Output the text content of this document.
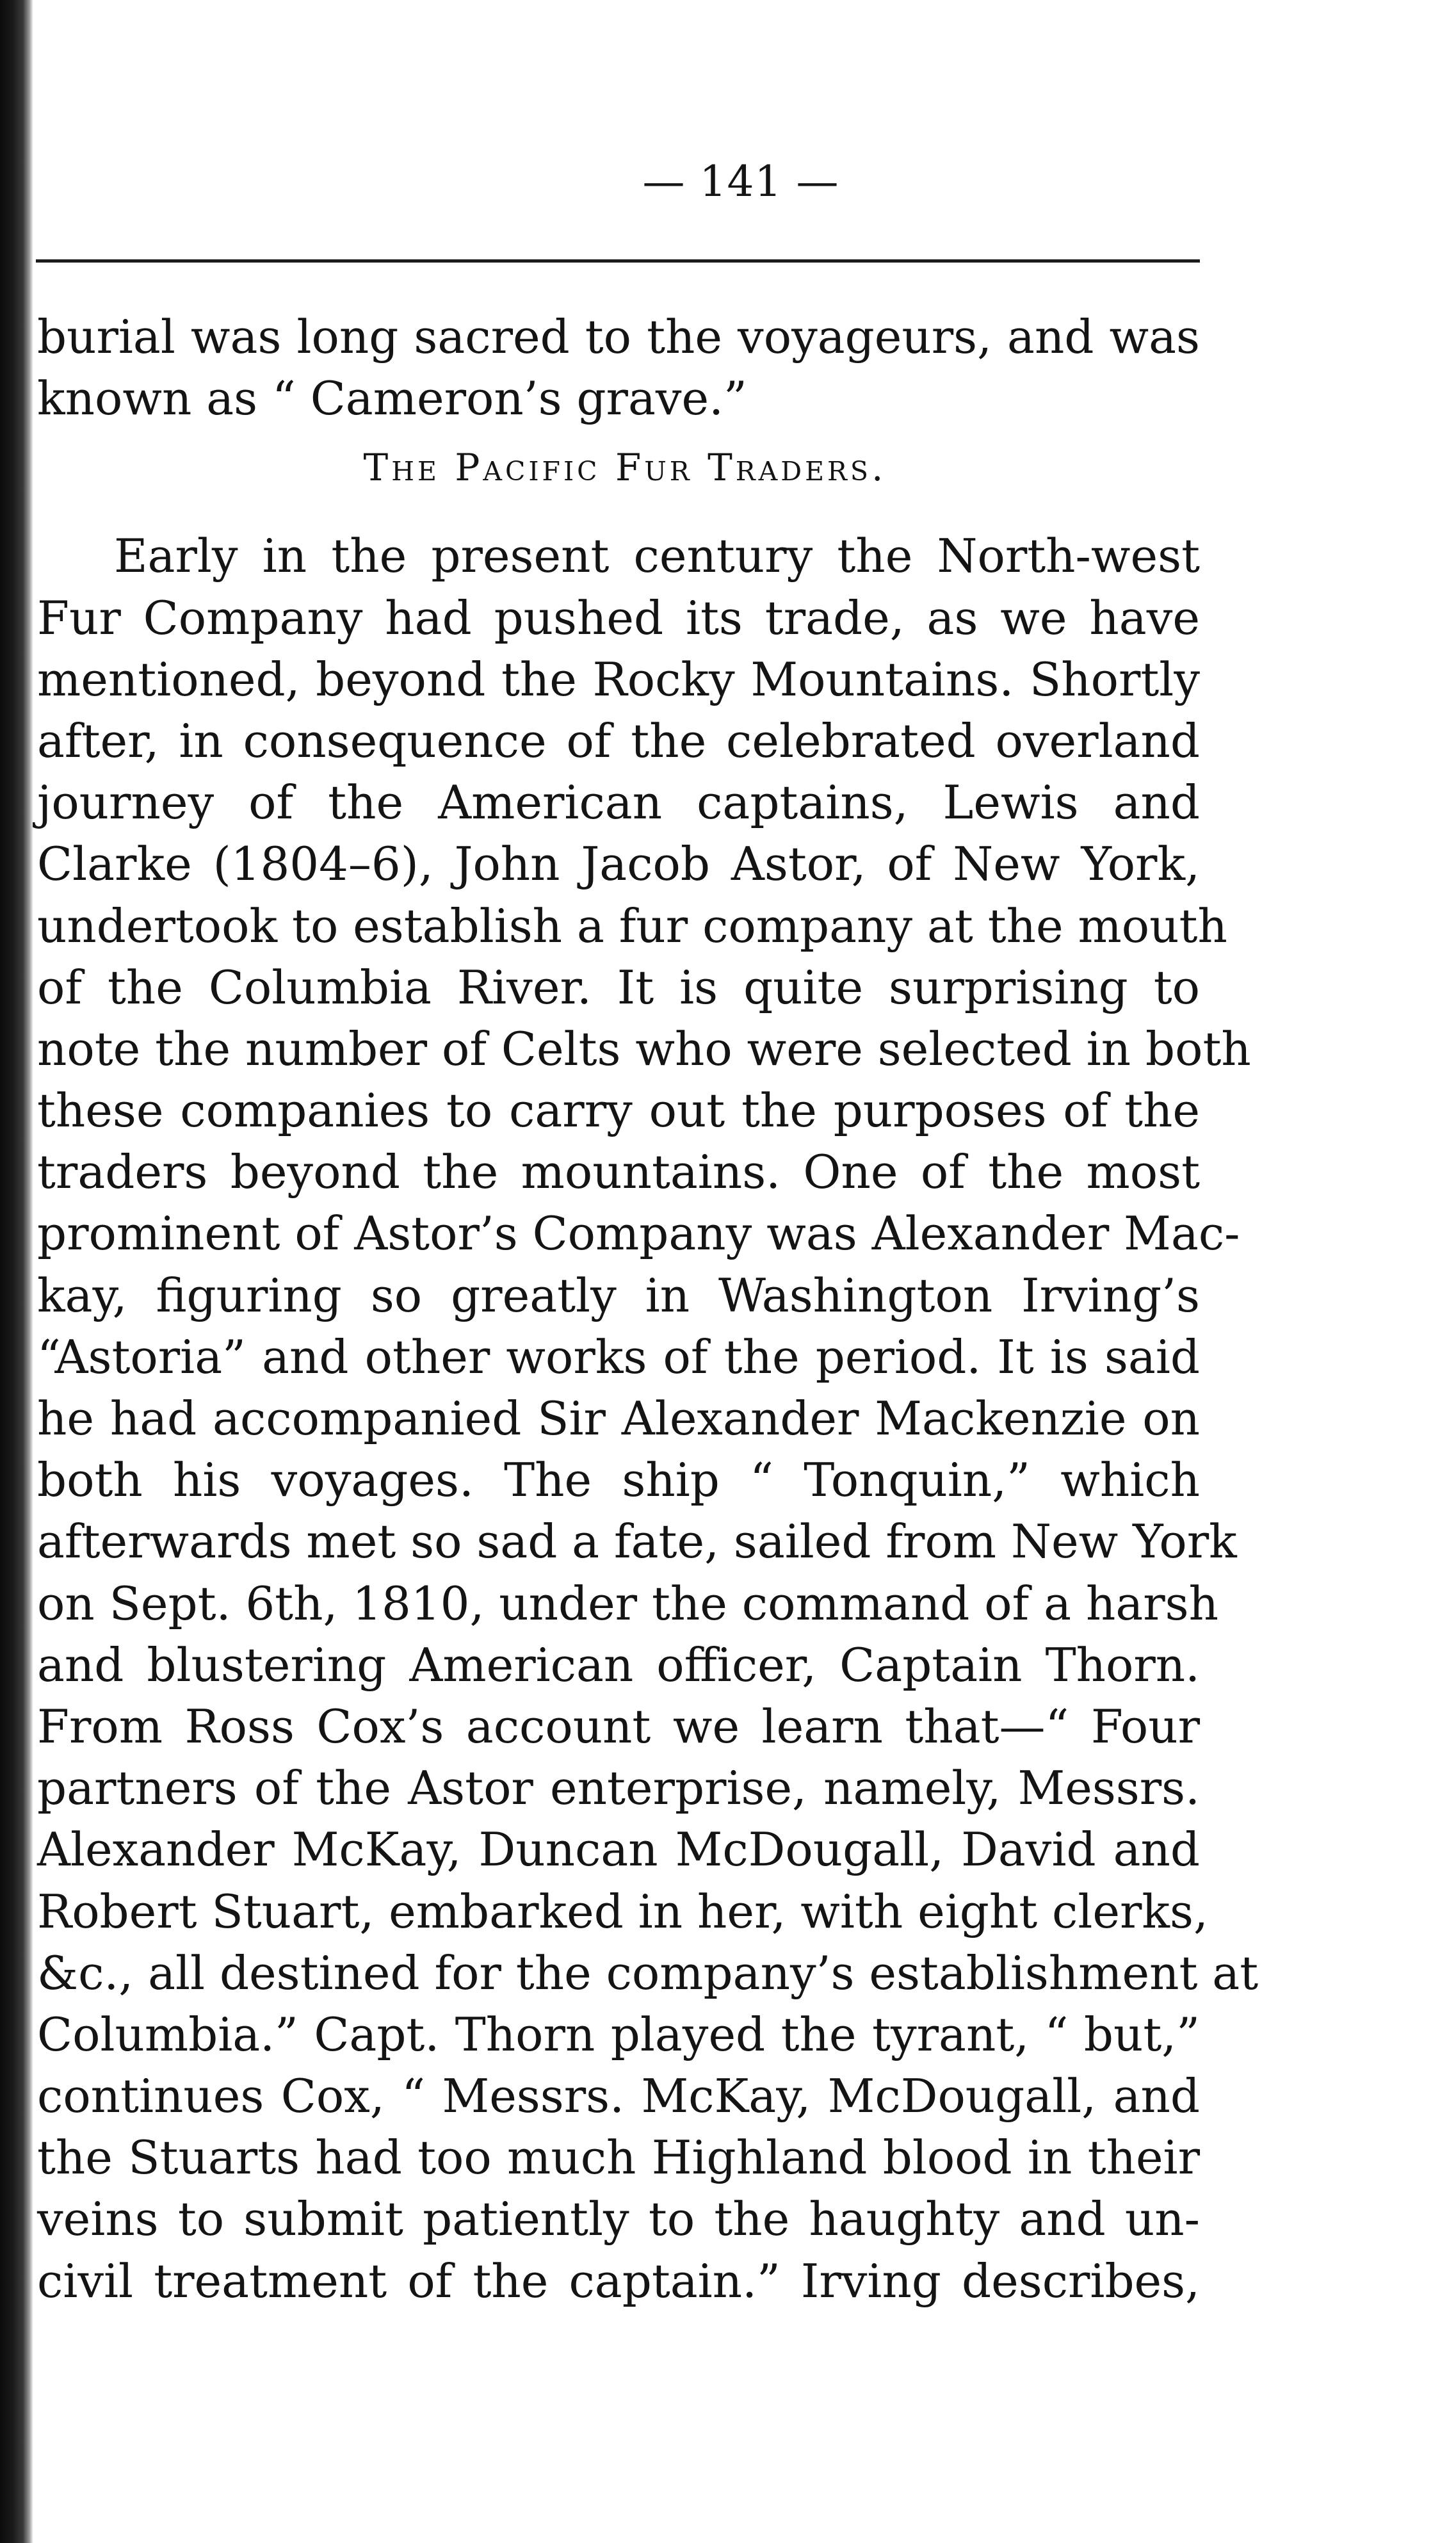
— 141 —
burial was long sacred to the voyageurs, and was
known as “ Cameron’s grave.”
The Pacific Fur Traders.
Early in the present century the North-west
Fur Company had pushed its trade, as we have
mentioned, beyond the Rocky Mountains. Shortly
after, in consequence of the celebrated overland
journey of the American captains, Lewis and
Clarke (1804–6), John Jacob Astor, of New York,
undertook to establish a fur company at the mouth
of the Columbia River. It is quite surprising to
note the number of Celts who were selected in both
these companies to carry out the purposes of the
traders beyond the mountains. One of the most
prominent of Astor’s Company was Alexander Mac-
kay, figuring so greatly in Washington Irving’s
“Astoria” and other works of the period. It is said
he had accompanied Sir Alexander Mackenzie on
both his voyages. The ship “ Tonquin,” which
afterwards met so sad a fate, sailed from New York
on Sept. 6th, 1810, under the command of a harsh
and blustering American officer, Captain Thorn.
From Ross Cox’s account we learn that—“ Four
partners of the Astor enterprise, namely, Messrs.
Alexander McKay, Duncan McDougall, David and
Robert Stuart, embarked in her, with eight clerks,
&c., all destined for the company’s establishment at
Columbia.” Capt. Thorn played the tyrant, “ but,”
continues Cox, “ Messrs. McKay, McDougall, and
the Stuarts had too much Highland blood in their
veins to submit patiently to the haughty and un-
civil treatment of the captain.” Irving describes,
